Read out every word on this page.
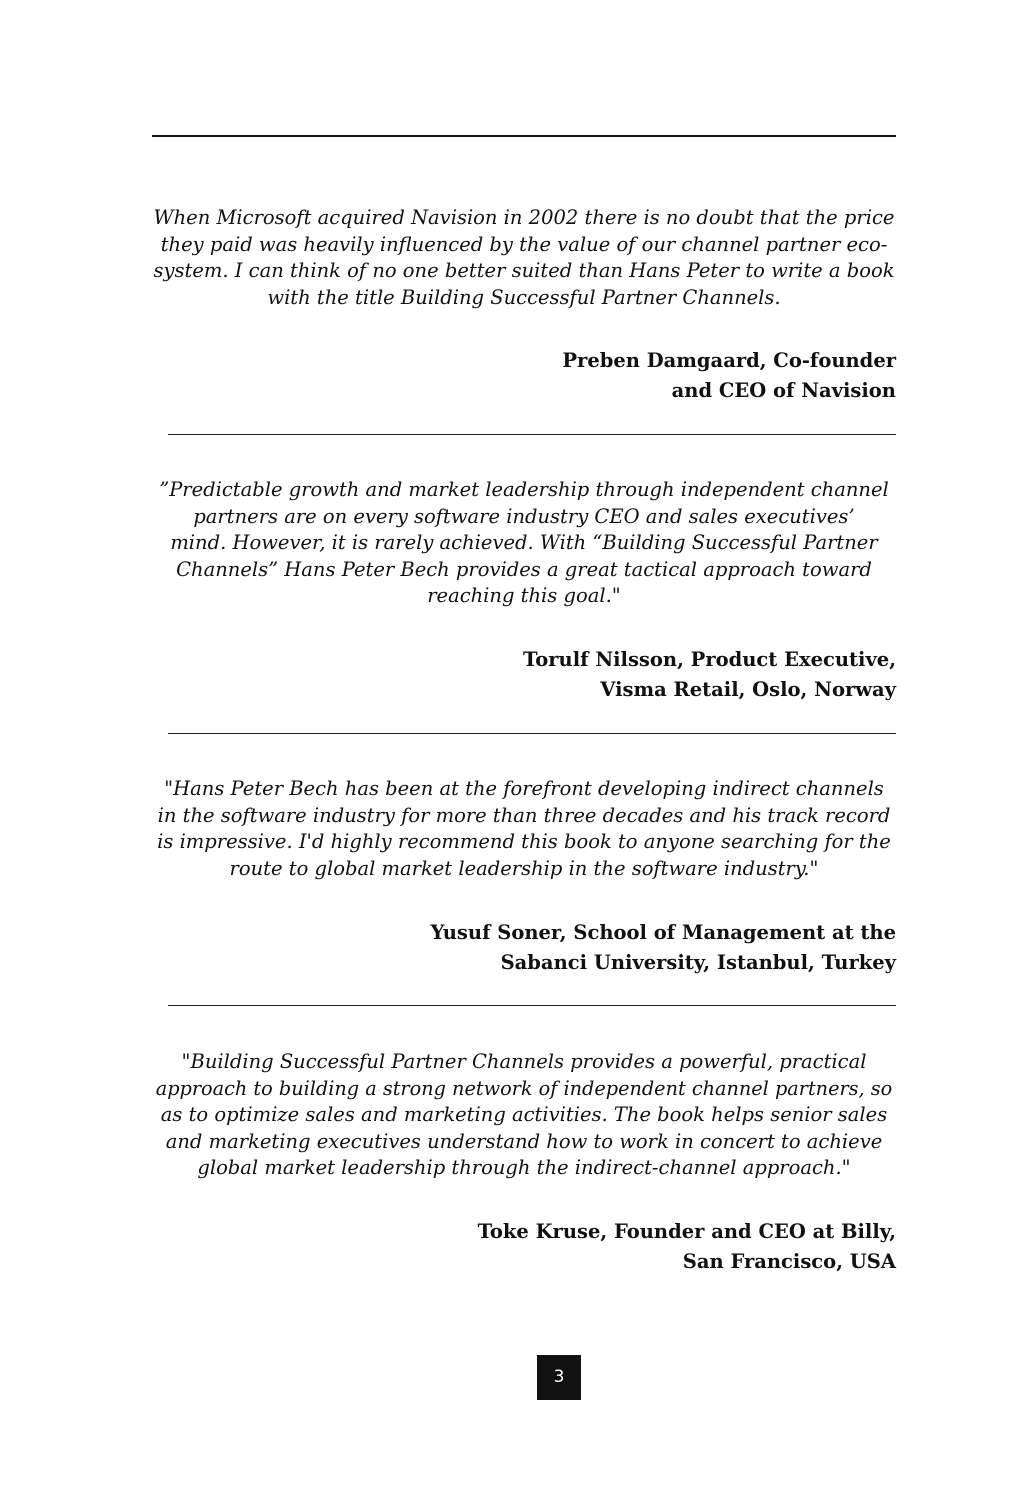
When Microsoft acquired Navision in 2002 there is no doubt that the price
they paid was heavily influenced by the value of our channel partner eco-
system. I can think of no one better suited than Hans Peter to write a book
with the title Building Successful Partner Channels.

Preben Damgaard, Co-founder
and CEO of Navision

”Predictable growth and market leadership through independent channel
partners are on every software industry CEO and sales executives’
mind. However, it is rarely achieved. With “Building Successful Partner
Channels” Hans Peter Bech provides a great tactical approach toward
reaching this goal."

Torulf Nilsson, Product Executive,
Visma Retail, Oslo, Norway

"Hans Peter Bech has been at the forefront developing indirect channels
in the software industry for more than three decades and his track record
is impressive. I'd highly recommend this book to anyone searching for the
route to global market leadership in the software industry."

Yusuf Soner, School of Management at the
Sabanci University, Istanbul, Turkey

"Building Successful Partner Channels provides a powerful, practical
approach to building a strong network of independent channel partners, so
as to optimize sales and marketing activities. The book helps senior sales
and marketing executives understand how to work in concert to achieve
global market leadership through the indirect-channel approach."

Toke Kruse, Founder and CEO at Billy,
San Francisco, USA

3
